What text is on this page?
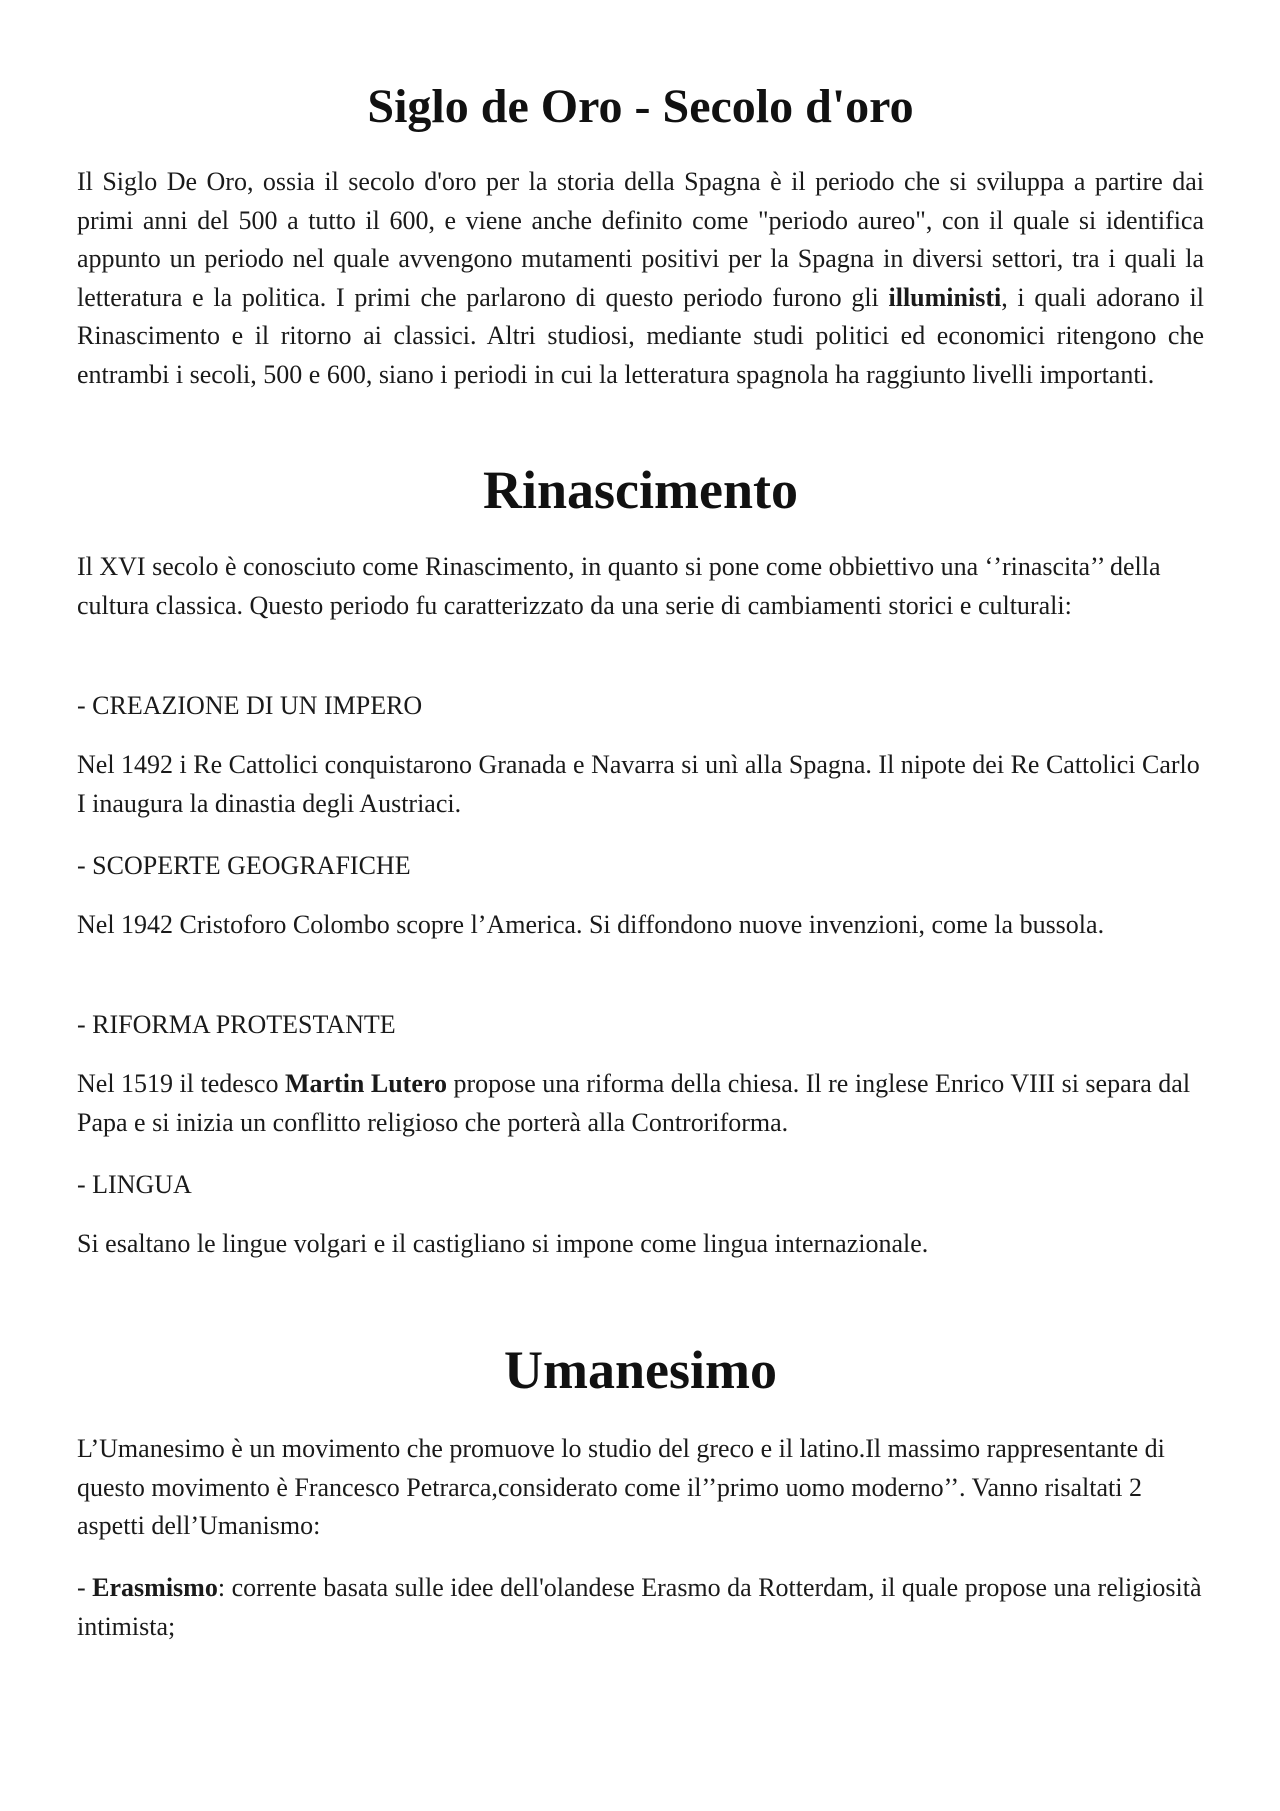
Siglo de Oro - Secolo d'oro

Il Siglo De Oro, ossia il secolo d'oro per la storia della Spagna è il periodo che si sviluppa a partire dai primi anni del 500 a tutto il 600, e viene anche definito come "periodo aureo", con il quale si identifica appunto un periodo nel quale avvengono mutamenti positivi per la Spagna in diversi settori, tra i quali la letteratura e la politica. I primi che parlarono di questo periodo furono gli illuministi, i quali adorano il Rinascimento e il ritorno ai classici. Altri studiosi, mediante studi politici ed economici ritengono che entrambi i secoli, 500 e 600, siano i periodi in cui la letteratura spagnola ha raggiunto livelli importanti.

Rinascimento

Il XVI secolo è conosciuto come Rinascimento, in quanto si pone come obbiettivo una ‘’rinascita’’ della cultura classica. Questo periodo fu caratterizzato da una serie di cambiamenti storici e culturali:

- CREAZIONE DI UN IMPERO

Nel 1492 i Re Cattolici conquistarono Granada e Navarra si unì alla Spagna. Il nipote dei Re Cattolici Carlo I inaugura la dinastia degli Austriaci.

- SCOPERTE GEOGRAFICHE

Nel 1942 Cristoforo Colombo scopre l’America. Si diffondono nuove invenzioni, come la bussola.

- RIFORMA PROTESTANTE

Nel 1519 il tedesco Martin Lutero propose una riforma della chiesa. Il re inglese Enrico VIII si separa dal Papa e si inizia un conflitto religioso che porterà alla Controriforma.

- LINGUA

Si esaltano le lingue volgari e il castigliano si impone come lingua internazionale.

Umanesimo

L’Umanesimo è un movimento che promuove lo studio del greco e il latino.Il massimo rappresentante di questo movimento è Francesco Petrarca,considerato come il’’primo uomo moderno’’. Vanno risaltati 2 aspetti dell’Umanismo:

- Erasmismo: corrente basata sulle idee dell'olandese Erasmo da Rotterdam, il quale propose una religiosità intimista;
